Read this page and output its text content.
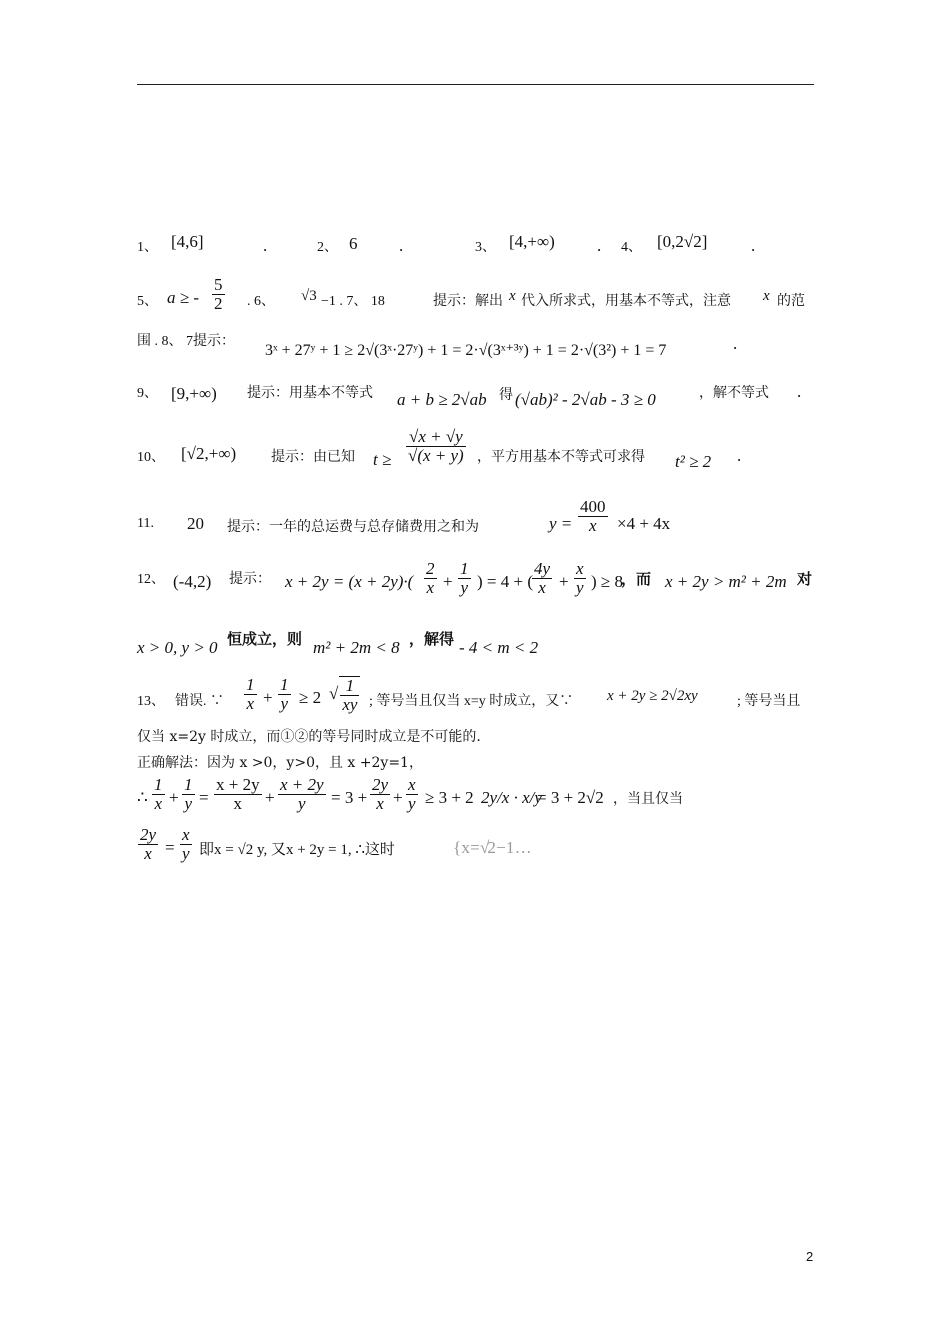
1、 [4,6]	.	2、 6 .	3、 [4,+∞) . 4、 [0,2√2]	.
5、 a ≥ - $\frac{5}{2}$ . 6、 √3 −1 . 7、 18	提示：解出 x 代入所求式，用基本不等式，注意 x 的范
围 . 8、 7提示：
3ˣ + 27ʸ + 1 ≥ 2√(3ˣ·27ʸ) + 1 = 2·√(3ˣ⁺³ʸ) + 1 = 2·√(3²) + 1 = 7	.
9、 [9,+∞) 提示：用基本不等式 a + b ≥ 2√ab 得 (√ab)² - 2√ab - 3 ≥ 0	，解不等式 .
10、 [√2,+∞) 提示：由已知 $t \ge \frac{√x + √y}{√(x + y)}$ ，平方用基本不等式可求得 t² ≥ 2 .
11. 20 提示：一年的总运费与总存储费用之和为	$y = \frac{400}{x} \times 4 + 4x$
12、 (-4,2) 提示： $x + 2y = (x + 2y)\cdot( \frac{2}{x} + \frac{1}{y}$ ) = 4 + ( $\frac{4y}{x} + \frac{x}{y}$ ) ≥ 8
，而 x + 2y > m² + 2m 对
x > 0, y > 0 恒成立，则 m² + 2m < 8 ，解得 - 4 < m < 2
13、 错误. ∵ $\frac{1}{x} + \frac{1}{y} \ge 2$ √ $\frac{1}{xy}$ ; 等号当且仅当 x=y 时成立，又∵ x + 2y ≥ 2√2xy	; 等号当且
仅当 x=2y 时成立，而①②的等号同时成立是不可能的.
正确解法：因为 x >0，y>0，且 x +2y=1，
∴ $\frac{1}{x} + \frac{1}{y} = \frac{x + 2y}{x} + \frac{x + 2y}{y} = 3 + \frac{2y}{x} + \frac{x}{y} \ge 3 + 2$ 2y/x · x/y
= 3 + 2√2 ，当且仅当
$\frac{2y}{x} = \frac{x}{y}$ 即x = √2 y, 又x + 2y = 1, ∴这时	{ x = √2 − 1 …
2
